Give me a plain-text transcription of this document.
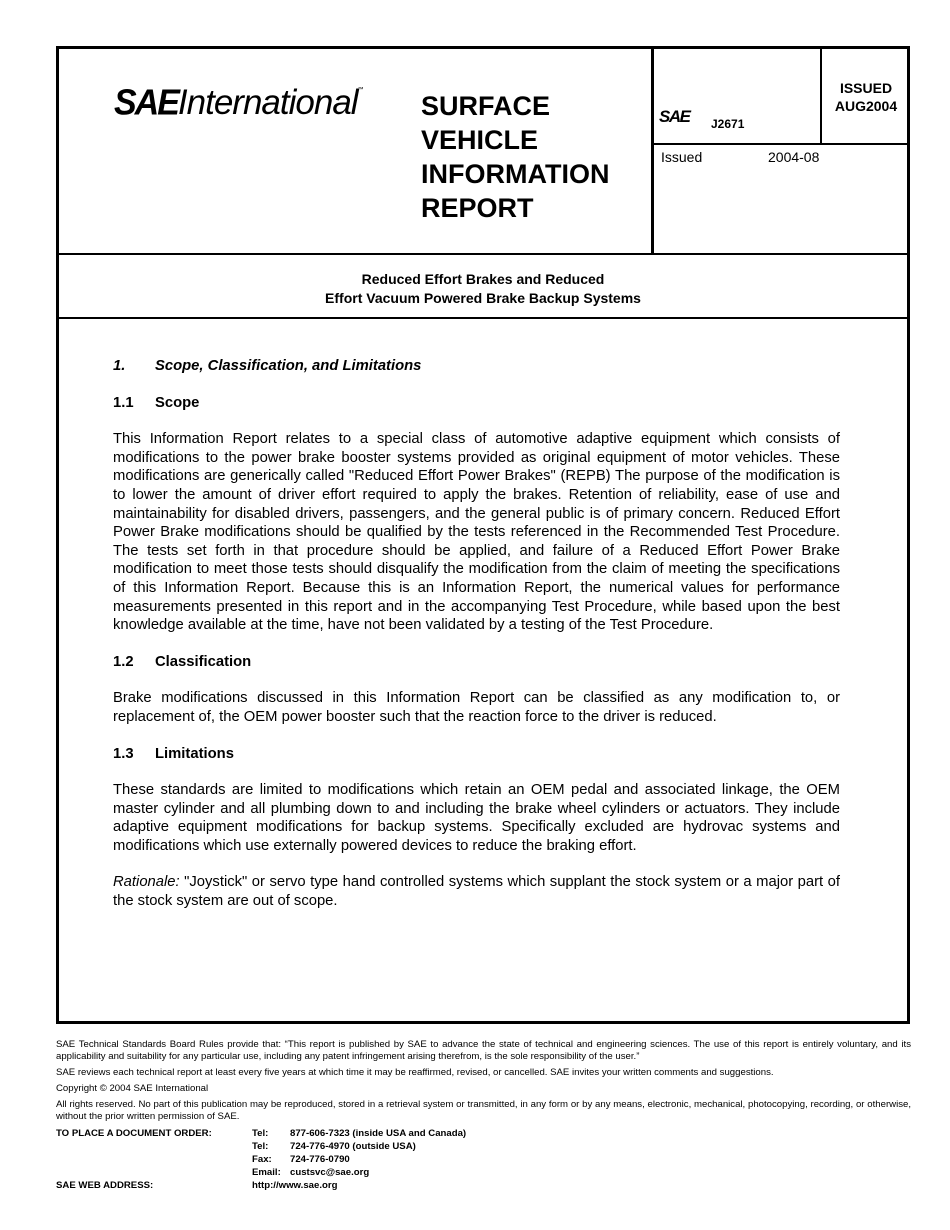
SAEInternational™
SURFACE
VEHICLE
INFORMATION
REPORT
SAE J2671
ISSUED
AUG2004
Issued	2004-08
Reduced Effort Brakes and Reduced
Effort Vacuum Powered Brake Backup Systems
1. Scope, Classification, and Limitations
1.1 Scope

This Information Report relates to a special class of automotive adaptive equipment which consists of modifications to the power brake booster systems provided as original equipment of motor vehicles. These modifications are generically called "Reduced Effort Power Brakes" (REPB) The purpose of the modification is to lower the amount of driver effort required to apply the brakes. Retention of reliability, ease of use and maintainability for disabled drivers, passengers, and the general public is of primary concern. Reduced Effort Power Brake modifications should be qualified by the tests referenced in the Recommended Test Procedure. The tests set forth in that procedure should be applied, and failure of a Reduced Effort Power Brake modification to meet those tests should disqualify the modification from the claim of meeting the specifications of this Information Report. Because this is an Information Report, the numerical values for performance measurements presented in this report and in the accompanying Test Procedure, while based upon the best knowledge available at the time, have not been validated by a testing of the Test Procedure.

1.2 Classification

Brake modifications discussed in this Information Report can be classified as any modification to, or replacement of, the OEM power booster such that the reaction force to the driver is reduced.

1.3 Limitations

These standards are limited to modifications which retain an OEM pedal and associated linkage, the OEM master cylinder and all plumbing down to and including the brake wheel cylinders or actuators. They include adaptive equipment modifications for backup systems. Specifically excluded are hydrovac systems and modifications which use externally powered devices to reduce the braking effort.

Rationale: "Joystick" or servo type hand controlled systems which supplant the stock system or a major part of the stock system are out of scope.

SAE Technical Standards Board Rules provide that: “This report is published by SAE to advance the state of technical and engineering sciences. The use of this report is entirely voluntary, and its applicability and suitability for any particular use, including any patent infringement arising therefrom, is the sole responsibility of the user.”

SAE reviews each technical report at least every five years at which time it may be reaffirmed, revised, or cancelled. SAE invites your written comments and suggestions.

Copyright © 2004 SAE International

All rights reserved. No part of this publication may be reproduced, stored in a retrieval system or transmitted, in any form or by any means, electronic, mechanical, photocopying, recording, or otherwise, without the prior written permission of SAE.

TO PLACE A DOCUMENT ORDER:	Tel: 877-606-7323 (inside USA and Canada)
Tel: 724-776-4970 (outside USA)
Fax: 724-776-0790
Email: custsvc@sae.org
SAE WEB ADDRESS:	http://www.sae.org
